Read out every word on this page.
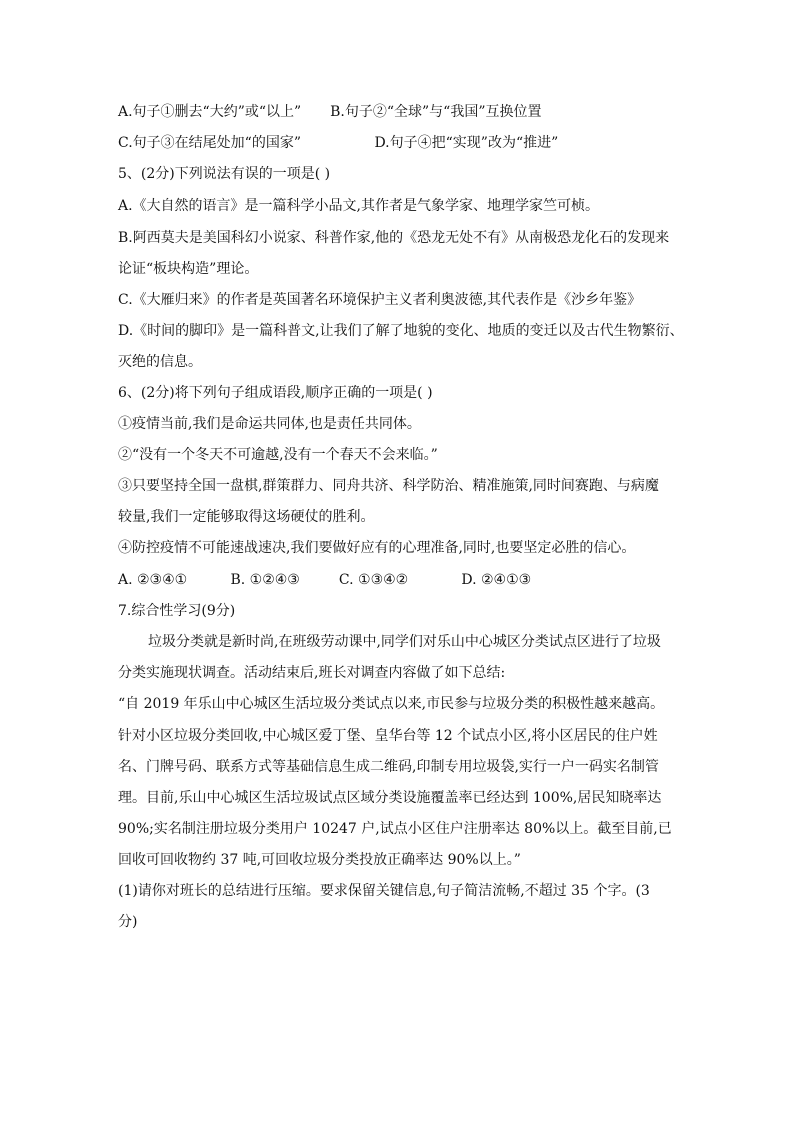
A.句子①删去“大约”或“以上” B.句子②“全球”与“我国”互换位置
C.句子③在结尾处加“的国家”	D.句子④把“实现”改为“推进”
5、(2分)下列说法有误的一项是( )
A.《大自然的语言》是一篇科学小品文,其作者是气象学家、地理学家竺可桢。
B.阿西莫夫是美国科幻小说家、科普作家,他的《恐龙无处不有》从南极恐龙化石的发现来
论证“板块构造”理论。
C.《大雁归来》的作者是英国著名环境保护主义者利奥波德,其代表作是《沙乡年鉴》
D.《时间的脚印》是一篇科普文,让我们了解了地貌的变化、地质的变迁以及古代生物繁衍、
灭绝的信息。
6、(2分)将下列句子组成语段,顺序正确的一项是( )
①疫情当前,我们是命运共同体,也是责任共同体。
②“没有一个冬天不可逾越,没有一个春天不会来临。”
③只要坚持全国一盘棋,群策群力、同舟共济、科学防治、精准施策,同时间赛跑、与病魔
较量,我们一定能够取得这场硬仗的胜利。
④防控疫情不可能速战速决,我们要做好应有的心理准备,同时,也要坚定必胜的信心。
A. ②③④①	B. ①②④③	C. ①③④②	D. ②④①③
7.综合性学习(9分)
垃圾分类就是新时尚,在班级劳动课中,同学们对乐山中心城区分类试点区进行了垃圾
分类实施现状调查。活动结束后,班长对调查内容做了如下总结:
“自 2019 年乐山中心城区生活垃圾分类试点以来,市民参与垃圾分类的积极性越来越高。
针对小区垃圾分类回收,中心城区爱丁堡、皇华台等 12 个试点小区,将小区居民的住户姓
名、门牌号码、联系方式等基础信息生成二维码,印制专用垃圾袋,实行一户一码实名制管
理。目前,乐山中心城区生活垃圾试点区域分类设施覆盖率已经达到 100%,居民知晓率达
90%;实名制注册垃圾分类用户 10247 户,试点小区住户注册率达 80%以上。截至目前,已
回收可回收物约 37 吨,可回收垃圾分类投放正确率达 90%以上。”
(1)请你对班长的总结进行压缩。要求保留关键信息,句子简洁流畅,不超过 35 个字。(3
分)
